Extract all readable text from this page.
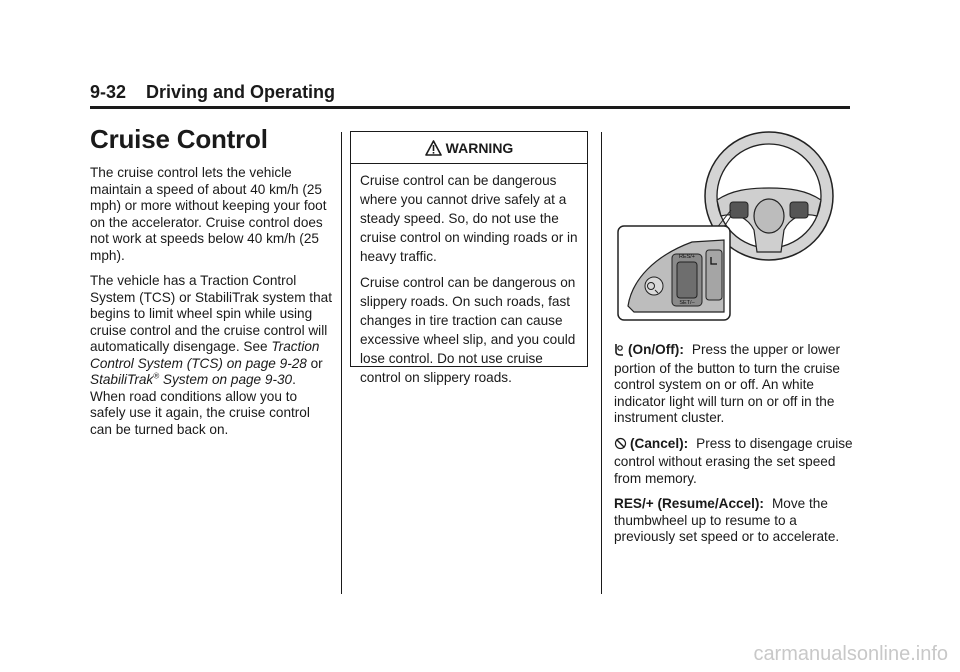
9-32 Driving and Operating
Cruise Control

The cruise control lets the vehicle maintain a speed of about 40 km/h (25 mph) or more without keeping your foot on the accelerator. Cruise control does not work at speeds below 40 km/h (25 mph).

The vehicle has a Traction Control System (TCS) or StabiliTrak system that begins to limit wheel spin while using cruise control and the cruise control will automatically disengage. See Traction Control System (TCS) on page 9-28 or StabiliTrak® System on page 9-30. When road conditions allow you to safely use it again, the cruise control can be turned back on.

WARNING

Cruise control can be dangerous where you cannot drive safely at a steady speed. So, do not use the cruise control on winding roads or in heavy traffic.

Cruise control can be dangerous on slippery roads. On such roads, fast changes in tire traction can cause excessive wheel slip, and you could lose control. Do not use cruise control on slippery roads.

RES/+
SET/–

(On/Off): Press the upper or lower portion of the button to turn the cruise control system on or off. An white indicator light will turn on or off in the instrument cluster.

(Cancel): Press to disengage cruise control without erasing the set speed from memory.

RES/+ (Resume/Accel): Move the thumbwheel up to resume to a previously set speed or to accelerate.

carmanualsonline.info
